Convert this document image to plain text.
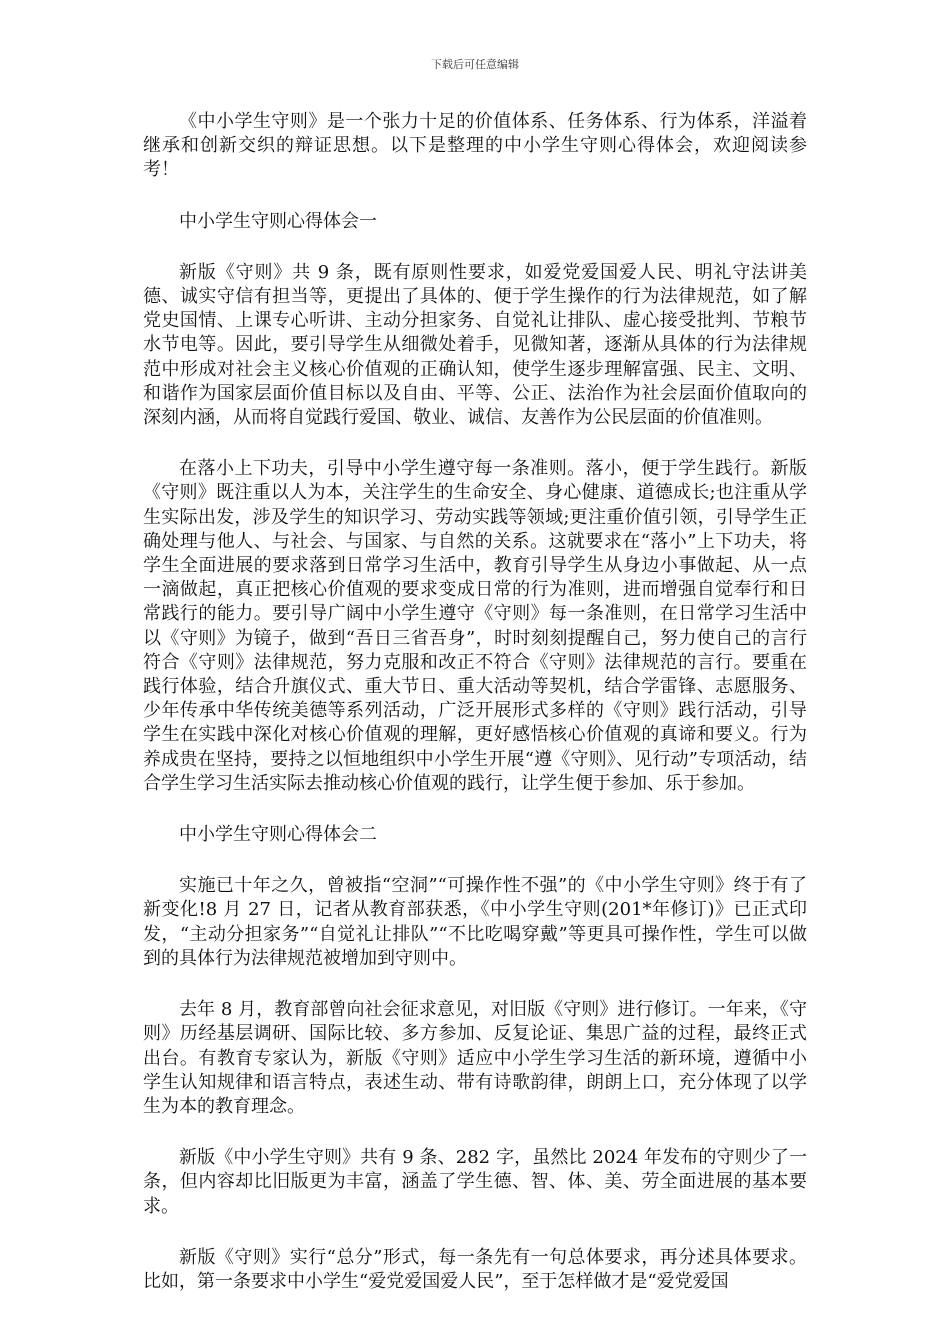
下载后可任意编辑

《中小学生守则》是一个张力十足的价值体系、任务体系、行为体系，洋溢着继承和创新交织的辩证思想。以下是整理的中小学生守则心得体会，欢迎阅读参考！

中小学生守则心得体会一

新版《守则》共 9 条，既有原则性要求，如爱党爱国爱人民、明礼守法讲美德、诚实守信有担当等，更提出了具体的、便于学生操作的行为法律规范，如了解党史国情、上课专心听讲、主动分担家务、自觉礼让排队、虚心接受批判、节粮节水节电等。因此，要引导学生从细微处着手，见微知著，逐渐从具体的行为法律规范中形成对社会主义核心价值观的正确认知，使学生逐步理解富强、民主、文明、和谐作为国家层面价值目标以及自由、平等、公正、法治作为社会层面价值取向的深刻内涵，从而将自觉践行爱国、敬业、诚信、友善作为公民层面的价值准则。

在落小上下功夫，引导中小学生遵守每一条准则。落小，便于学生践行。新版《守则》既注重以人为本，关注学生的生命安全、身心健康、道德成长;也注重从学生实际出发，涉及学生的知识学习、劳动实践等领域;更注重价值引领，引导学生正确处理与他人、与社会、与国家、与自然的关系。这就要求在“落小”上下功夫，将学生全面进展的要求落到日常学习生活中，教育引导学生从身边小事做起、从一点一滴做起，真正把核心价值观的要求变成日常的行为准则，进而增强自觉奉行和日常践行的能力。要引导广阔中小学生遵守《守则》每一条准则，在日常学习生活中以《守则》为镜子，做到“吾日三省吾身”，时时刻刻提醒自己，努力使自己的言行符合《守则》法律规范，努力克服和改正不符合《守则》法律规范的言行。要重在践行体验，结合升旗仪式、重大节日、重大活动等契机，结合学雷锋、志愿服务、少年传承中华传统美德等系列活动，广泛开展形式多样的《守则》践行活动，引导学生在实践中深化对核心价值观的理解，更好感悟核心价值观的真谛和要义。行为养成贵在坚持，要持之以恒地组织中小学生开展“遵《守则》、见行动”专项活动，结合学生学习生活实际去推动核心价值观的践行，让学生便于参加、乐于参加。

中小学生守则心得体会二

实施已十年之久，曾被指“空洞”“可操作性不强”的《中小学生守则》终于有了新变化!8 月 27 日，记者从教育部获悉，《中小学生守则(201*年修订)》已正式印发，“主动分担家务”“自觉礼让排队”“不比吃喝穿戴”等更具可操作性，学生可以做到的具体行为法律规范被增加到守则中。

去年 8 月，教育部曾向社会征求意见，对旧版《守则》进行修订。一年来，《守则》历经基层调研、国际比较、多方参加、反复论证、集思广益的过程，最终正式出台。有教育专家认为，新版《守则》适应中小学生学习生活的新环境，遵循中小学生认知规律和语言特点，表述生动、带有诗歌韵律，朗朗上口，充分体现了以学生为本的教育理念。

新版《中小学生守则》共有 9 条、282 字，虽然比 2024 年发布的守则少了一条，但内容却比旧版更为丰富，涵盖了学生德、智、体、美、劳全面进展的基本要求。

新版《守则》实行“总分”形式，每一条先有一句总体要求，再分述具体要求。比如，第一条要求中小学生“爱党爱国爱人民”，至于怎样做才是“爱党爱国
